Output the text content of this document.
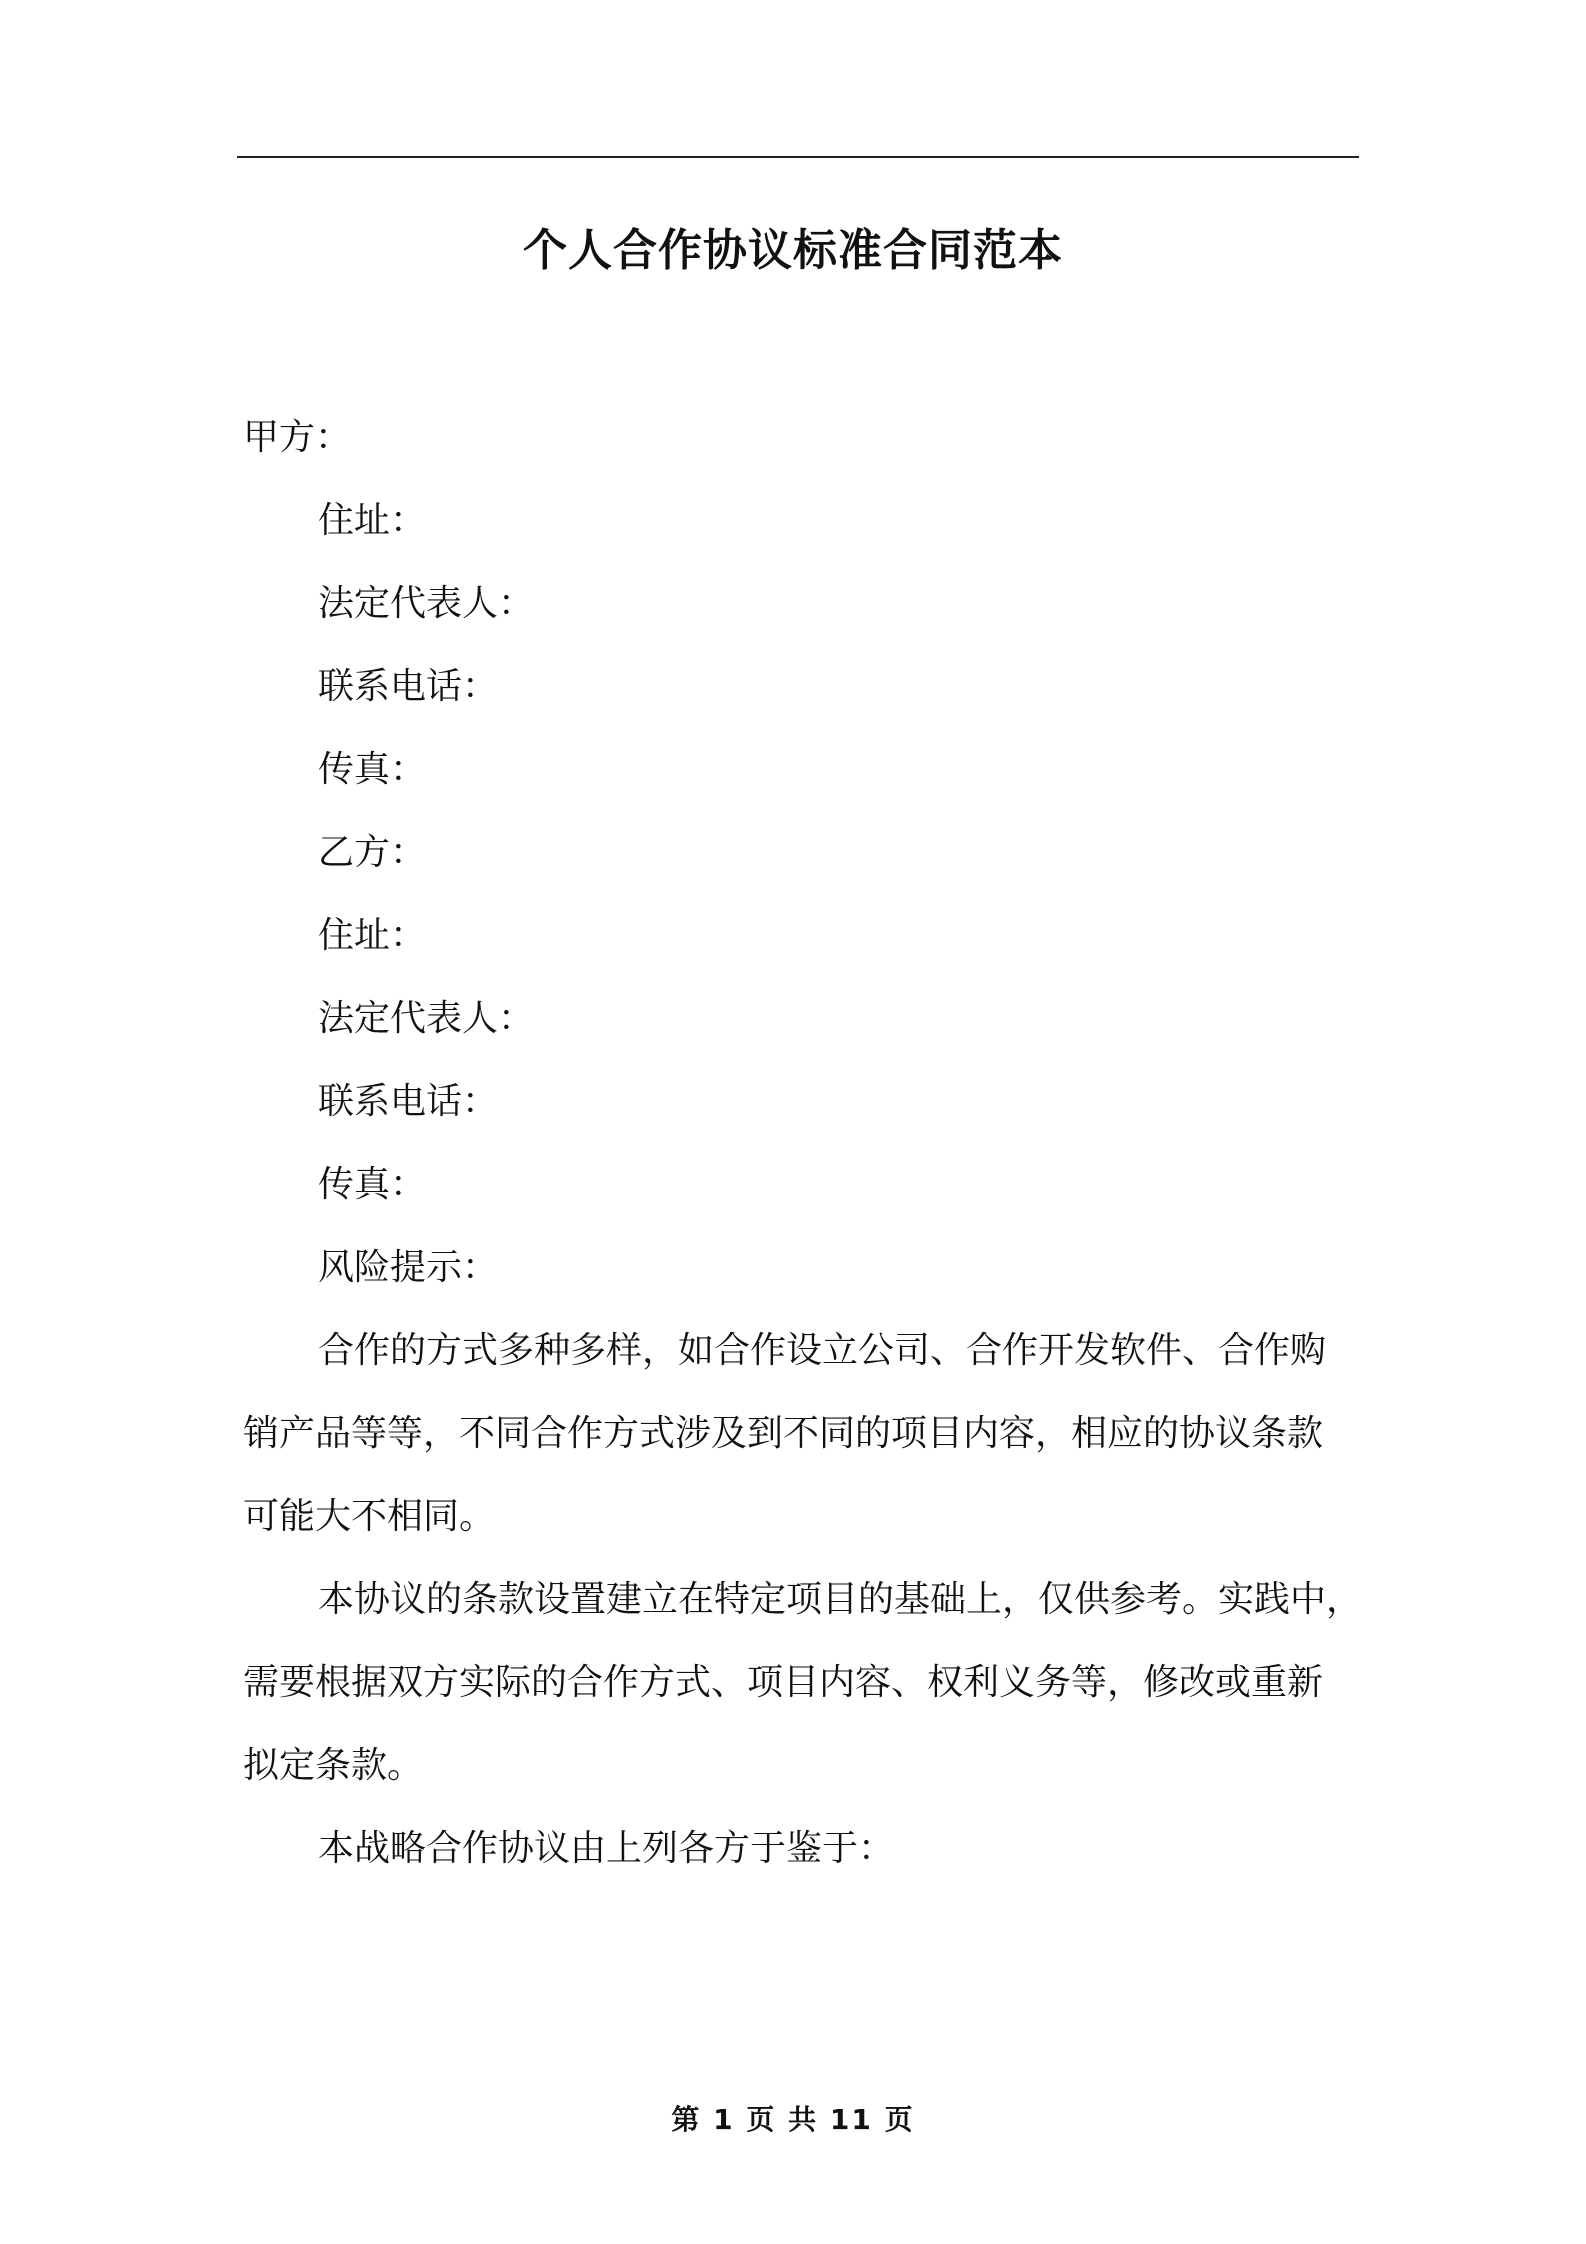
个人合作协议标准合同范本
甲方：
住址：
法定代表人：
联系电话：
传真：
乙方：
住址：
法定代表人：
联系电话：
传真：
风险提示：
合作的方式多种多样，如合作设立公司、合作开发软件、合作购
销产品等等，不同合作方式涉及到不同的项目内容，相应的协议条款
可能大不相同。
本协议的条款设置建立在特定项目的基础上，仅供参考。实践中，
需要根据双方实际的合作方式、项目内容、权利义务等，修改或重新
拟定条款。
本战略合作协议由上列各方于鉴于：
第 1 页 共 11 页
